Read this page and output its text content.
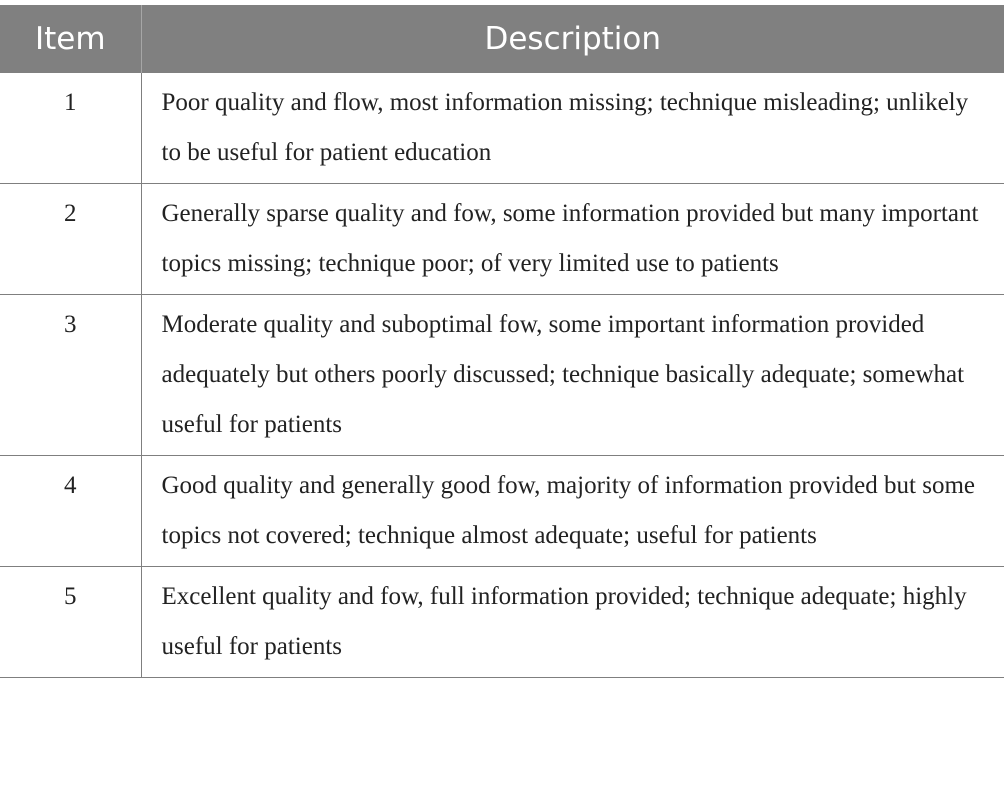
Item	Description
1	Poor quality and flow, most information missing; technique misleading; unlikely to be useful for patient education
2	Generally sparse quality and fow, some information provided but many important topics missing; technique poor; of very limited use to patients
3	Moderate quality and suboptimal fow, some important information provided adequately but others poorly discussed; technique basically adequate; somewhat useful for patients
4	Good quality and generally good fow, majority of information provided but some topics not covered; technique almost adequate; useful for patients
5	Excellent quality and fow, full information provided; technique adequate; highly useful for patients
